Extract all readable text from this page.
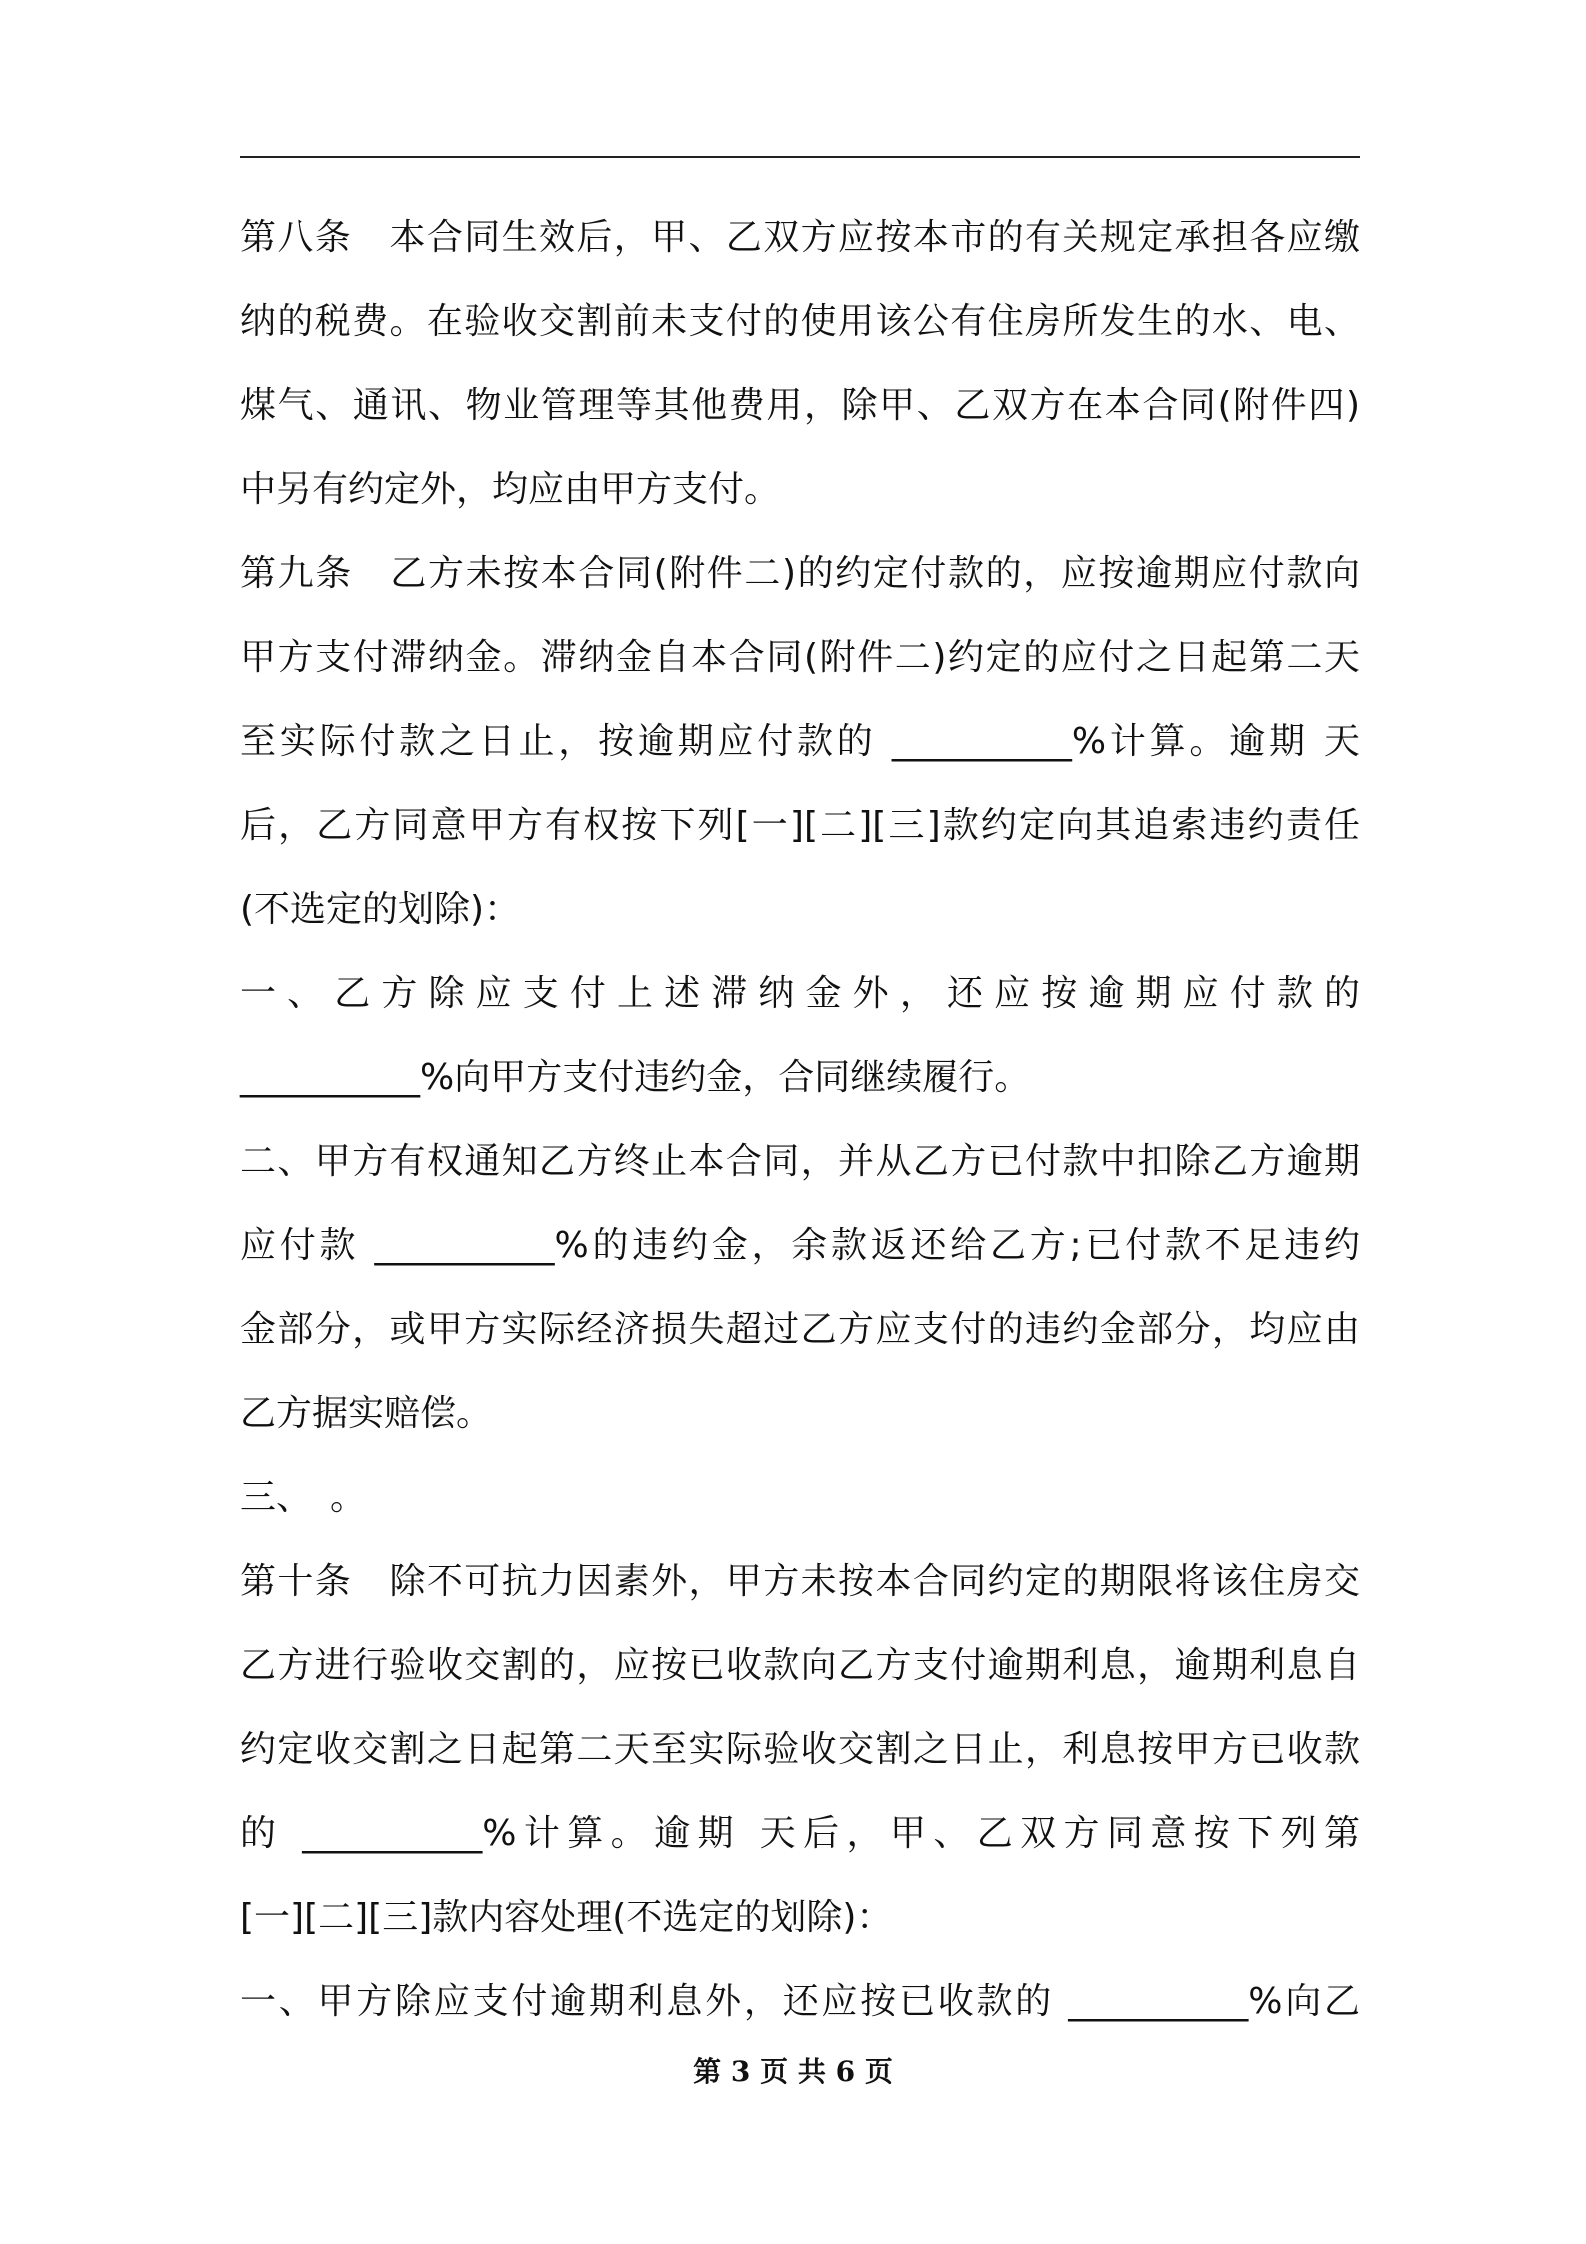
第八条　本合同生效后，甲、乙双方应按本市的有关规定承担各应缴
纳的税费。在验收交割前未支付的使用该公有住房所发生的水、电、
煤气、通讯、物业管理等其他费用，除甲、乙双方在本合同(附件四)
中另有约定外，均应由甲方支付。
第九条　乙方未按本合同(附件二)的约定付款的，应按逾期应付款向
甲方支付滞纳金。滞纳金自本合同(附件二)约定的应付之日起第二天
至实际付款之日止，按逾期应付款的 __________%计算。逾期 天
后，乙方同意甲方有权按下列[一][二][三]款约定向其追索违约责任
(不选定的划除)：
一、乙方除应支付上述滞纳金外，还应按逾期应付款的
__________%向甲方支付违约金，合同继续履行。
二、甲方有权通知乙方终止本合同，并从乙方已付款中扣除乙方逾期
应付款 __________%的违约金，余款返还给乙方;已付款不足违约
金部分，或甲方实际经济损失超过乙方应支付的违约金部分，均应由
乙方据实赔偿。
三、　。
第十条　除不可抗力因素外，甲方未按本合同约定的期限将该住房交
乙方进行验收交割的，应按已收款向乙方支付逾期利息，逾期利息自
约定收交割之日起第二天至实际验收交割之日止，利息按甲方已收款
的 __________%计算。逾期 天后，甲、乙双方同意按下列第
[一][二][三]款内容处理(不选定的划除)：
一、甲方除应支付逾期利息外，还应按已收款的 __________%向乙
第 3 页 共 6 页
